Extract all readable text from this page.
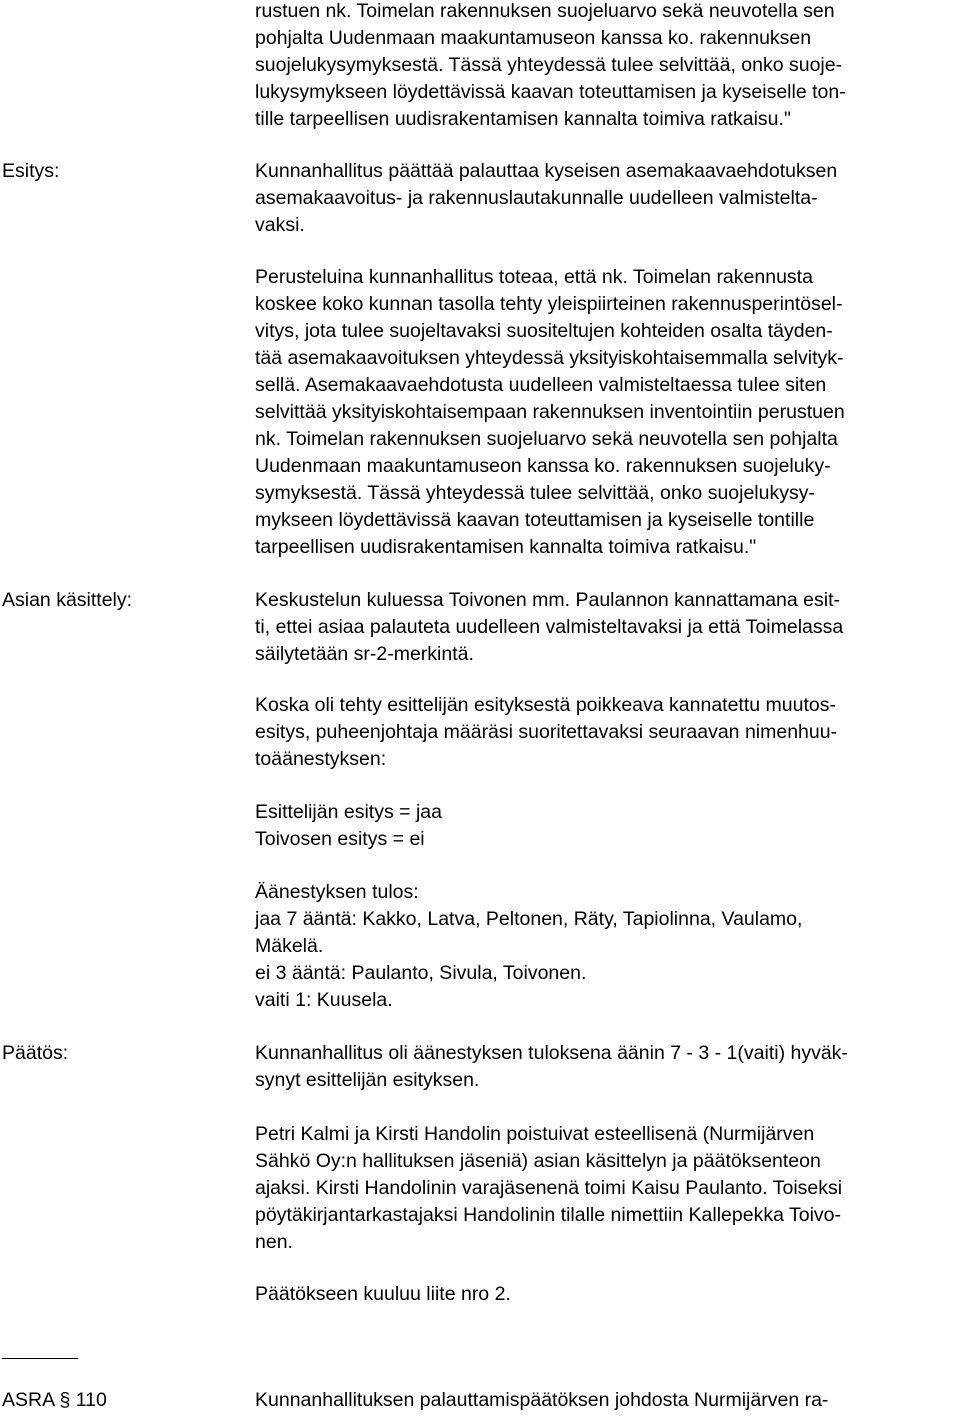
rustuen nk. Toimelan rakennuksen suojeluarvo sekä neuvotella sen
pohjalta Uudenmaan maakuntamuseon kanssa ko. rakennuksen
suojelukysymyksestä. Tässä yhteydessä tulee selvittää, onko suoje-
lukysymykseen löydettävissä kaavan toteuttamisen ja kyseiselle ton-
tille tarpeellisen uudisrakentamisen kannalta toimiva ratkaisu."
Esitys:	Kunnanhallitus päättää palauttaa kyseisen asemakaavaehdotuksen
asemakaavoitus- ja rakennuslautakunnalle uudelleen valmisteltа-
vaksi.
Perusteluina kunnanhallitus toteaa, että nk. Toimelan rakennusta
koskee koko kunnan tasolla tehty yleispiirteinen rakennusperintösel-
vitys, jota tulee suojeltavaksi suositeltujen kohteiden osalta täyden-
tää asemakaavoituksen yhteydessä yksityiskohtaisemmalla selvityk-
sellä. Asemakaavaehdotusta uudelleen valmisteltaessa tulee siten
selvittää yksityiskohtaisempaan rakennuksen inventointiin perustuen
nk. Toimelan rakennuksen suojeluarvo sekä neuvotella sen pohjalta
Uudenmaan maakuntamuseon kanssa ko. rakennuksen suojeluky-
symyksestä. Tässä yhteydessä tulee selvittää, onko suojelukysy-
mykseen löydettävissä kaavan toteuttamisen ja kyseiselle tontille
tarpeellisen uudisrakentamisen kannalta toimiva ratkaisu."
Asian käsittely:	Keskustelun kuluessa Toivonen mm. Paulannon kannattamana esit-
ti, ettei asiaa palauteta uudelleen valmisteltavaksi ja että Toimelassa
säilytetään sr-2-merkintä.
Koska oli tehty esittelijän esityksestä poikkeava kannatettu muutos-
esitys, puheenjohtaja määräsi suoritettavaksi seuraavan nimenhuu-
toäänestyksen:
Esittelijän esitys = jaa
Toivosen esitys = ei
Äänestyksen tulos:
jaa 7 ääntä: Kakko, Latva, Peltonen, Räty, Tapiolinna, Vaulamo,
Mäkelä.
ei 3 ääntä: Paulanto, Sivula, Toivonen.
vaiti 1: Kuusela.
Päätös:	Kunnanhallitus oli äänestyksen tuloksena äänin 7 - 3 - 1(vaiti) hyväk-
synyt esittelijän esityksen.
Petri Kalmi ja Kirsti Handolin poistuivat esteellisenä (Nurmijärven
Sähkö Oy:n hallituksen jäseniä) asian käsittelyn ja päätöksenteon
ajaksi. Kirsti Handolinin varajäsenenä toimi Kaisu Paulanto. Toiseksi
pöytäkirjantarkastajaksi Handolinin tilalle nimettiin Kallepekka Toivo-
nen.
Päätökseen kuuluu liite nro 2.
ASRA § 110	Kunnanhallituksen palauttamispäätöksen johdosta Nurmijärven ra-
